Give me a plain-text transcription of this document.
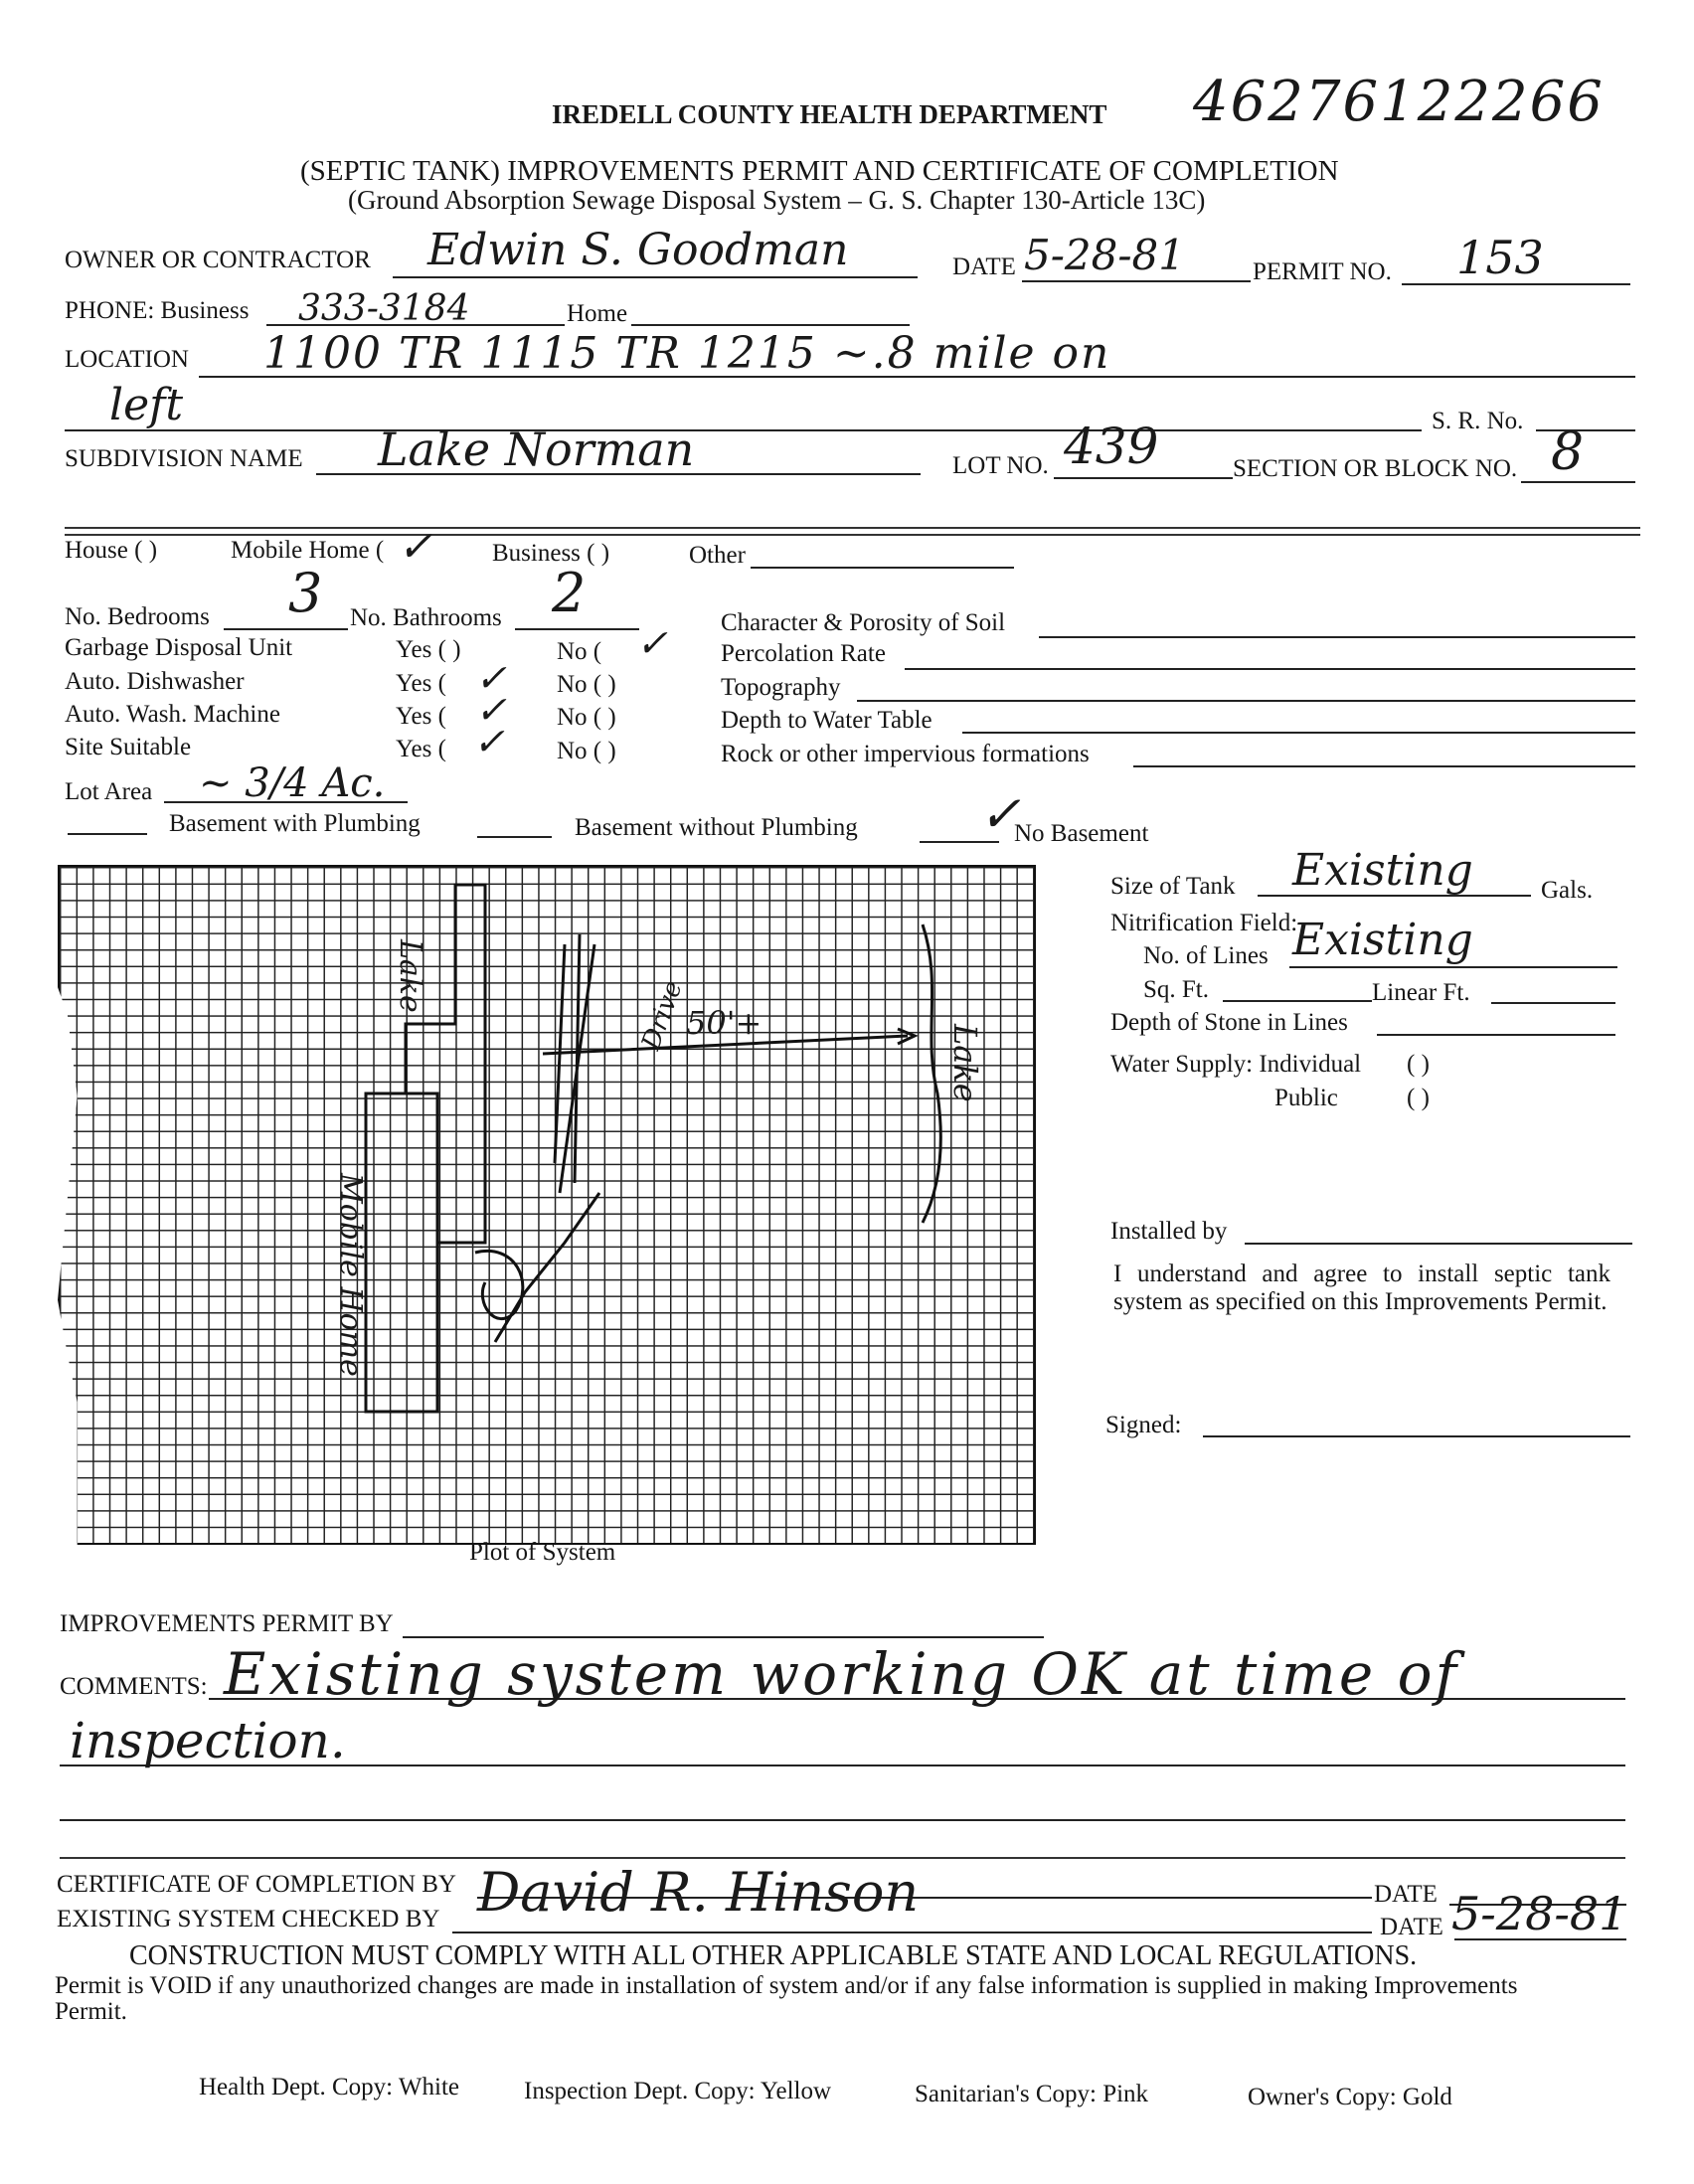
IREDELL COUNTY HEALTH DEPARTMENT 46276122266
(SEPTIC TANK) IMPROVEMENTS PERMIT AND CERTIFICATE OF COMPLETION
(Ground Absorption Sewage Disposal System – G. S. Chapter 130-Article 13C)
OWNER OR CONTRACTOR Edwin S. Goodman	DATE 5-28-81	PERMIT NO. 153
PHONE: Business 333-3184	Home
LOCATION 1100 TR 1115 TR 1215 ~.8 mile on
left	S. R. No.
SUBDIVISION NAME Lake Norman	LOT NO. 439	SECTION OR BLOCK NO. 8
House ( )	Mobile Home ( ✓ Business ( )	Other
No. Bedrooms 3 No. Bathrooms 2
Garbage Disposal Unit	Yes ( )	No ( ✓
Auto. Dishwasher	Yes ( ✓ No ( )
Auto. Wash. Machine	Yes ( ✓ No ( )
Site Suitable	Yes ( ✓ No ( )
Character & Porosity of Soil
Percolation Rate
Topography
Depth to Water Table
Rock or other impervious formations
Lot Area ~ 3/4 Ac.
Basement with Plumbing	Basement without Plumbing ✓
No Basement
Mobile Home
Lake
50'+
Drive
Lake
Plot of System
Size of Tank Existing	Gals.
Nitrification Field:
No. of Lines Existing
Sq. Ft.	Linear Ft.
Depth of Stone in Lines
Water Supply: Individual ( )
Public	( )
Installed by
I understand and agree to install septic tank system as specified on this Improvements Permit.
Signed:
IMPROVEMENTS PERMIT BY
COMMENTS: Existing system working OK at time of
inspection.
CERTIFICATE OF COMPLETION BY	DATE
EXISTING SYSTEM CHECKED BY David R. Hinson
DATE 5-28-81
CONSTRUCTION MUST COMPLY WITH ALL OTHER APPLICABLE STATE AND LOCAL REGULATIONS.
Permit is VOID if any unauthorized changes are made in installation of system and/or if any false information is supplied in making Improvements Permit.
Health Dept. Copy: White	Inspection Dept. Copy: Yellow	Sanitarian's Copy: Pink	Owner's Copy: Gold
